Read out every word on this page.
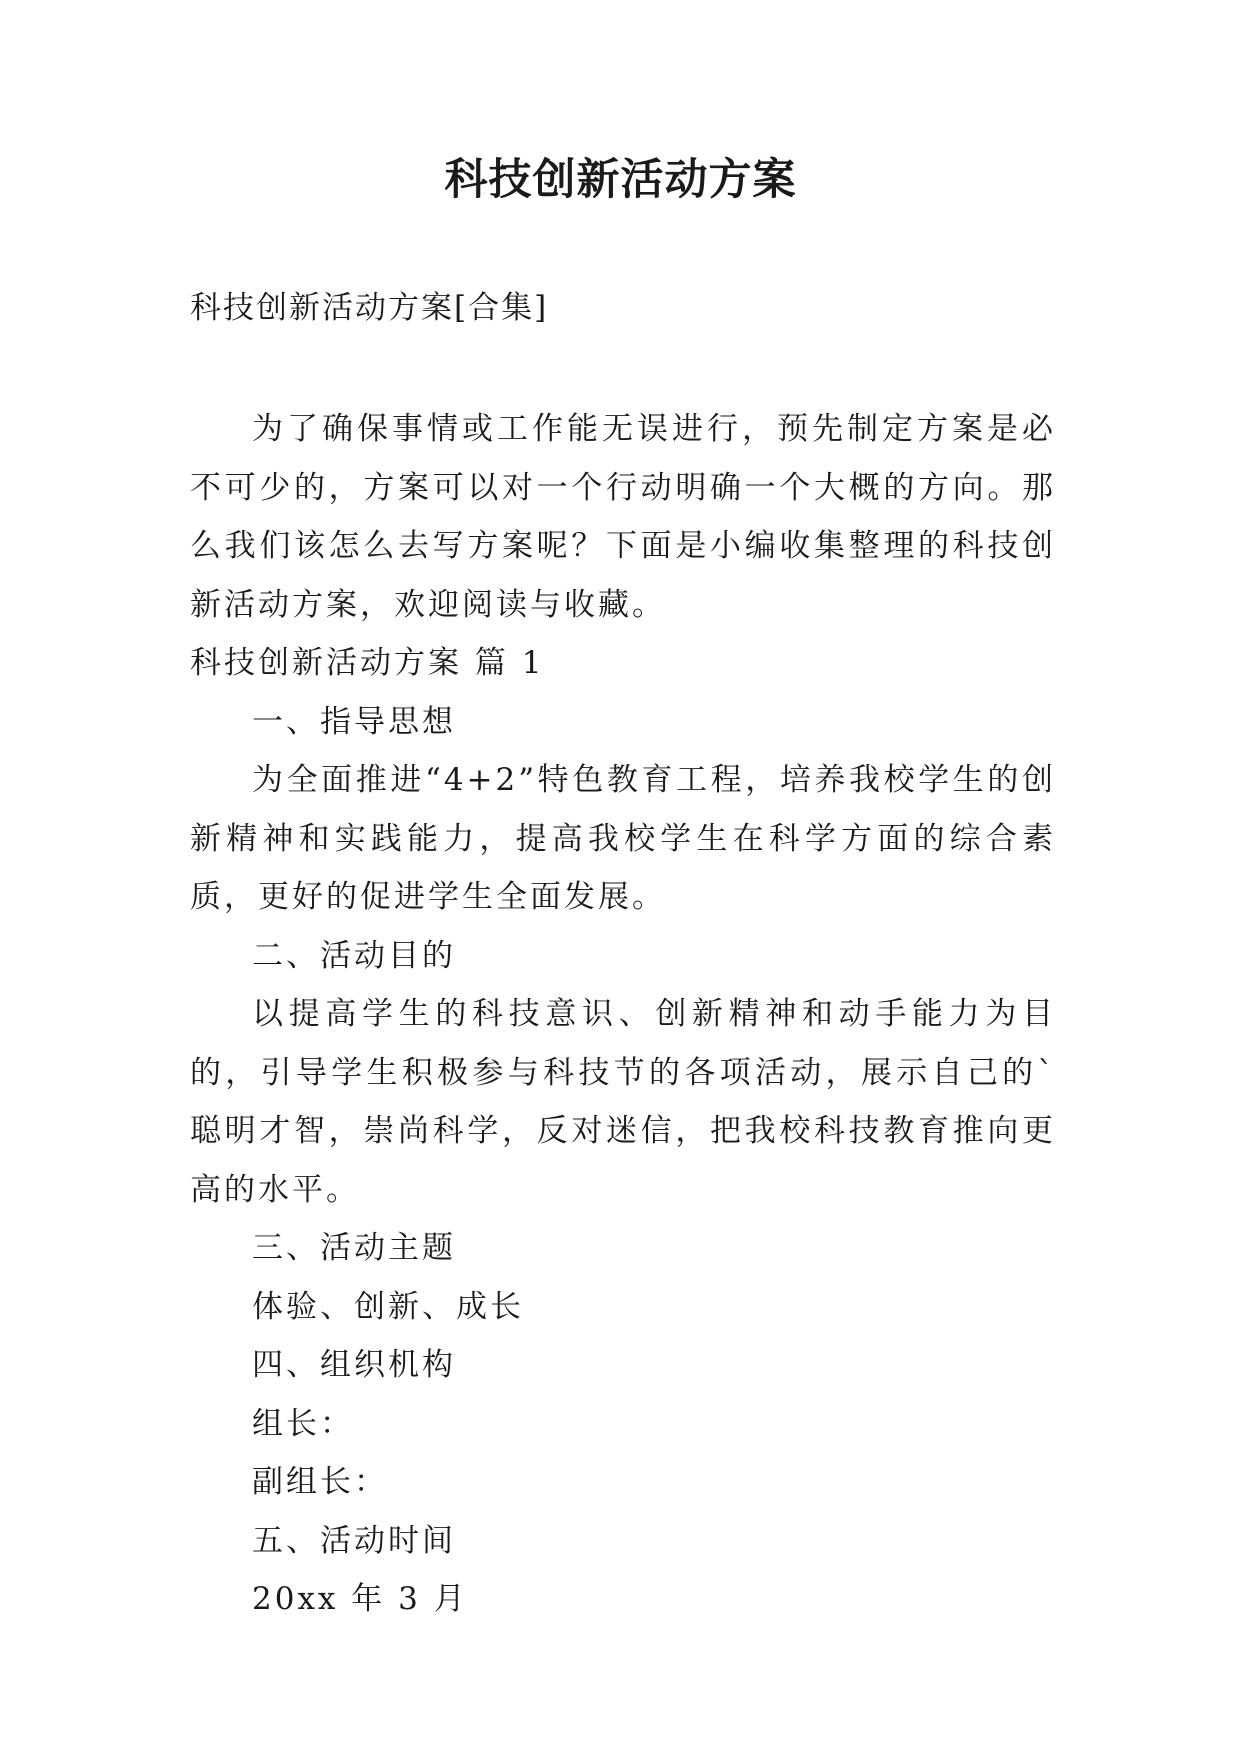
科技创新活动方案

科技创新活动方案[合集]

为了确保事情或工作能无误进行，预先制定方案是必不可少的，方案可以对一个行动明确一个大概的方向。那么我们该怎么去写方案呢？下面是小编收集整理的科技创新活动方案，欢迎阅读与收藏。

科技创新活动方案 篇 1

一、指导思想

为全面推进“4+2”特色教育工程，培养我校学生的创新精神和实践能力，提高我校学生在科学方面的综合素质，更好的促进学生全面发展。

二、活动目的

以提高学生的科技意识、创新精神和动手能力为目的，引导学生积极参与科技节的各项活动，展示自己的`聪明才智，崇尚科学，反对迷信，把我校科技教育推向更高的水平。

三、活动主题

体验、创新、成长

四、组织机构

组长：

副组长：

五、活动时间

20xx 年 3 月
